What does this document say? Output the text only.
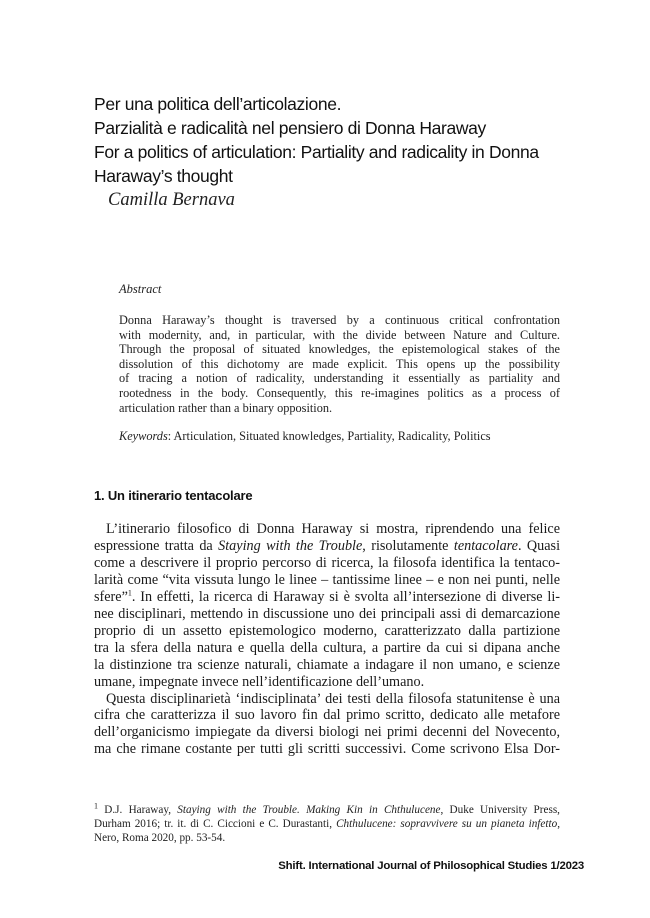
Per una politica dell’articolazione.
Parzialità e radicalità nel pensiero di Donna Haraway
For a politics of articulation: Partiality and radicality in Donna
Haraway’s thought
Camilla Bernava
Abstract
Donna Haraway’s thought is traversed by a continuous critical confrontation
with modernity, and, in particular, with the divide between Nature and Culture.
Through the proposal of situated knowledges, the epistemological stakes of the
dissolution of this dichotomy are made explicit. This opens up the possibility
of tracing a notion of radicality, understanding it essentially as partiality and
rootedness in the body. Consequently, this re-imagines politics as a process of
articulation rather than a binary opposition.
Keywords: Articulation, Situated knowledges, Partiality, Radicality, Politics
1. Un itinerario tentacolare
L’itinerario filosofico di Donna Haraway si mostra, riprendendo una felice
espressione tratta da Staying with the Trouble, risolutamente tentacolare. Quasi
come a descrivere il proprio percorso di ricerca, la filosofa identifica la tentaco-
larità come “vita vissuta lungo le linee – tantissime linee – e non nei punti, nelle
sfere”$^1$. In effetti, la ricerca di Haraway si è svolta all’intersezione di diverse li-
nee disciplinari, mettendo in discussione uno dei principali assi di demarcazione
proprio di un assetto epistemologico moderno, caratterizzato dalla partizione
tra la sfera della natura e quella della cultura, a partire da cui si dipana anche
la distinzione tra scienze naturali, chiamate a indagare il non umano, e scienze
umane, impegnate invece nell’identificazione dell’umano.
Questa disciplinarietà ‘indisciplinata’ dei testi della filosofa statunitense è una
cifra che caratterizza il suo lavoro fin dal primo scritto, dedicato alle metafore
dell’organicismo impiegate da diversi biologi nei primi decenni del Novecento,
ma che rimane costante per tutti gli scritti successivi. Come scrivono Elsa Dor-
$^1$ D.J. Haraway, Staying with the Trouble. Making Kin in Chthulucene, Duke University Press,
Durham 2016; tr. it. di C. Ciccioni e C. Durastanti, Chthulucene: sopravvivere su un pianeta infetto,
Nero, Roma 2020, pp. 53-54.
Shift. International Journal of Philosophical Studies 1/2023
